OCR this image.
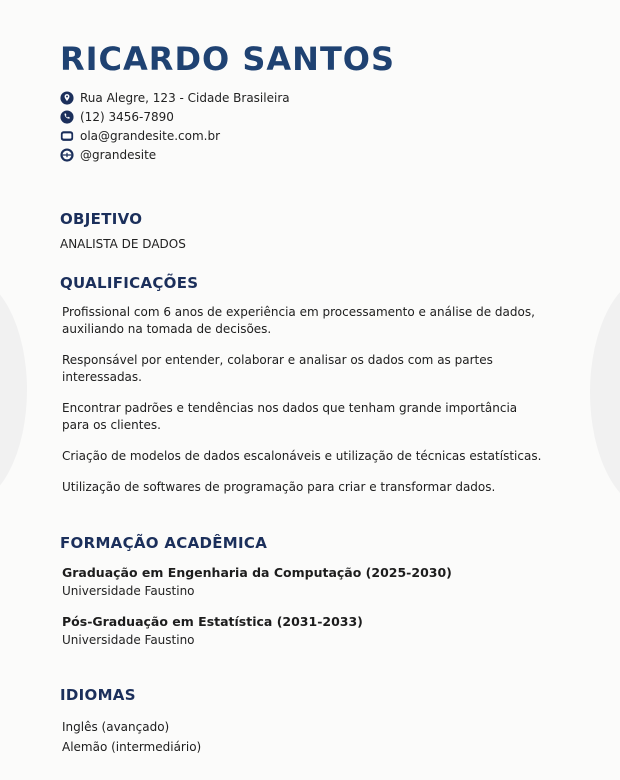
RICARDO SANTOS
Rua Alegre, 123 - Cidade Brasileira
(12) 3456-7890
ola@grandesite.com.br
@grandesite
OBJETIVO
ANALISTA DE DADOS
QUALIFICAÇÕES

Profissional com 6 anos de experiência em processamento e análise de dados, auxiliando na tomada de decisões.

Responsável por entender, colaborar e analisar os dados com as partes interessadas.

Encontrar padrões e tendências nos dados que tenham grande importância para os clientes.

Criação de modelos de dados escalonáveis e utilização de técnicas estatísticas.

Utilização de softwares de programação para criar e transformar dados.

FORMAÇÃO ACADÊMICA
Graduação em Engenharia da Computação (2025-2030)
Universidade Faustino
Pós-Graduação em Estatística (2031-2033)
Universidade Faustino
IDIOMAS
Inglês (avançado)
Alemão (intermediário)
